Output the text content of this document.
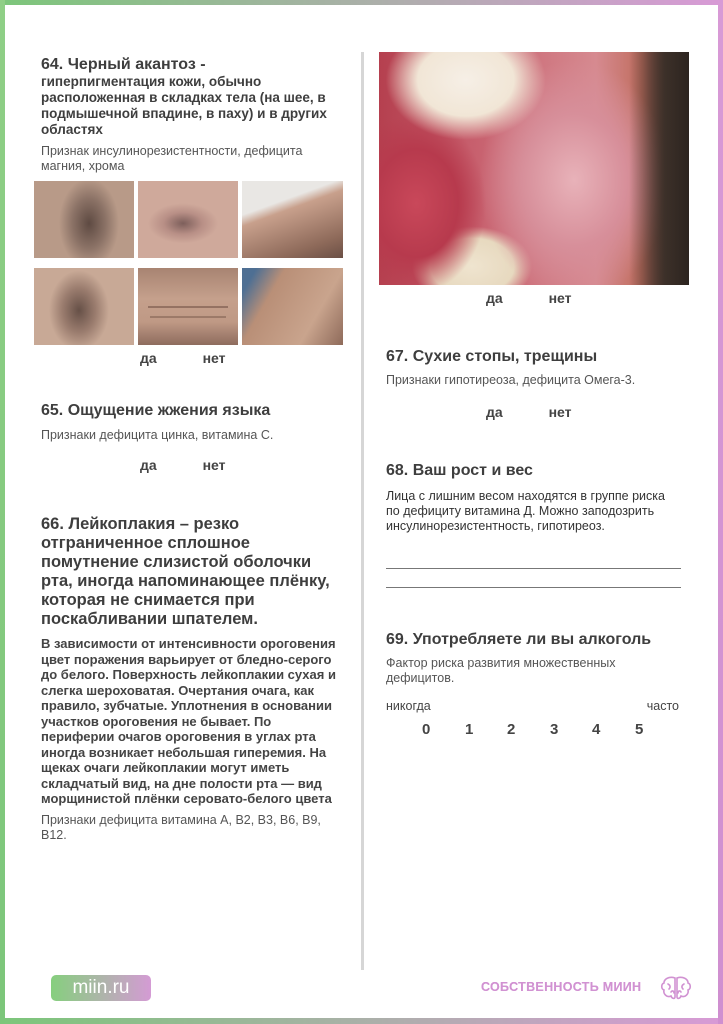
64. Черный акантоз -

гиперпигментация кожи, обычно расположенная в складках тела (на шее, в подмышечной впадине, в паху) и в других областях
Признак инсулинорезистентности, дефицита магния, хрома
да	нет

65. Ощущение жжения языка

Признаки дефицита цинка, витамина С.
да	нет

66. Лейкоплакия – резко отграниченное сплошное помутнение слизистой оболочки рта, иногда напоминающее плёнку, которая не снимается при поскабливании шпателем.

В зависимости от интенсивности ороговения цвет поражения варьирует от бледно-серого до белого. Поверхность лейкоплакии сухая и слегка шероховатая. Очертания очага, как правило, зубчатые. Уплотнения в основании участков ороговения не бывает. По периферии очагов ороговения в углах рта иногда возникает небольшая гиперемия. На щеках очаги лейкоплакии могут иметь складчатый вид, на дне полости рта — вид морщинистой плёнки серовато-белого цвета
Признаки дефицита витамина А, В2, В3, В6, В9, В12.
да	нет

67. Сухие стопы, трещины

Признаки гипотиреоза, дефицита Омега-3.
да	нет

68. Ваш рост и вес

Лица с лишним весом находятся в группе риска по дефициту витамина Д. Можно заподозрить инсулинорезистентность, гипотиреоз.

69. Употребляете ли вы алкоголь

Фактор риска развития множественных дефицитов.
никогда	часто
0 1 2 3 4 5
miin.ru	СОБСТВЕННОСТЬ МИИН
